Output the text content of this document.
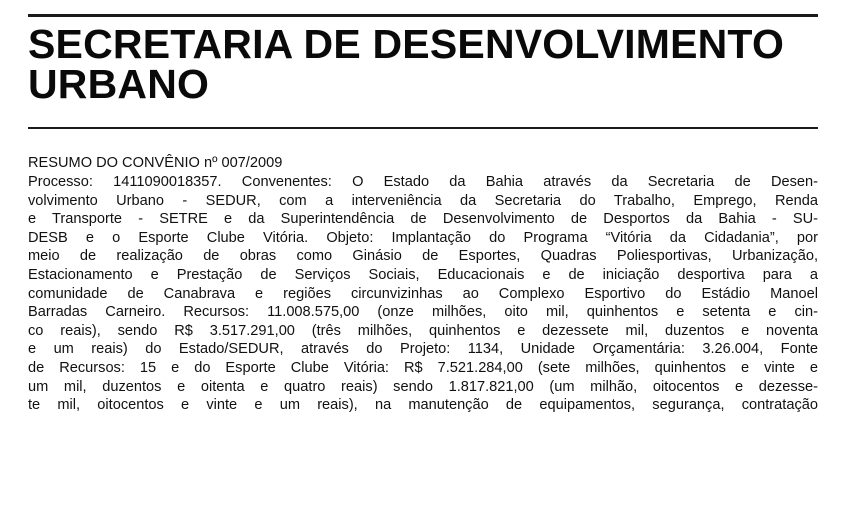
SECRETARIA DE DESENVOLVIMENTO URBANO

RESUMO DO CONVÊNIO nº 007/2009

Processo: 1411090018357. Convenentes: O Estado da Bahia através da Secretaria de Desen-
volvimento Urbano - SEDUR, com a interveniência da Secretaria do Trabalho, Emprego, Renda
e Transporte - SETRE e da Superintendência de Desenvolvimento de Desportos da Bahia - SU-
DESB e o Esporte Clube Vitória. Objeto: Implantação do Programa “Vitória da Cidadania”, por
meio de realização de obras como Ginásio de Esportes, Quadras Poliesportivas, Urbanização,
Estacionamento e Prestação de Serviços Sociais, Educacionais e de iniciação desportiva para a
comunidade de Canabrava e regiões circunvizinhas ao Complexo Esportivo do Estádio Manoel
Barradas Carneiro. Recursos: 11.008.575,00 (onze milhões, oito mil, quinhentos e setenta e cin-
co reais), sendo R$ 3.517.291,00 (três milhões, quinhentos e dezessete mil, duzentos e noventa
e um reais) do Estado/SEDUR, através do Projeto: 1134, Unidade Orçamentária: 3.26.004, Fonte
de Recursos: 15 e do Esporte Clube Vitória: R$ 7.521.284,00 (sete milhões, quinhentos e vinte e
um mil, duzentos e oitenta e quatro reais) sendo 1.817.821,00 (um milhão, oitocentos e dezesse-
te mil, oitocentos e vinte e um reais), na manutenção de equipamentos, segurança, contratação
